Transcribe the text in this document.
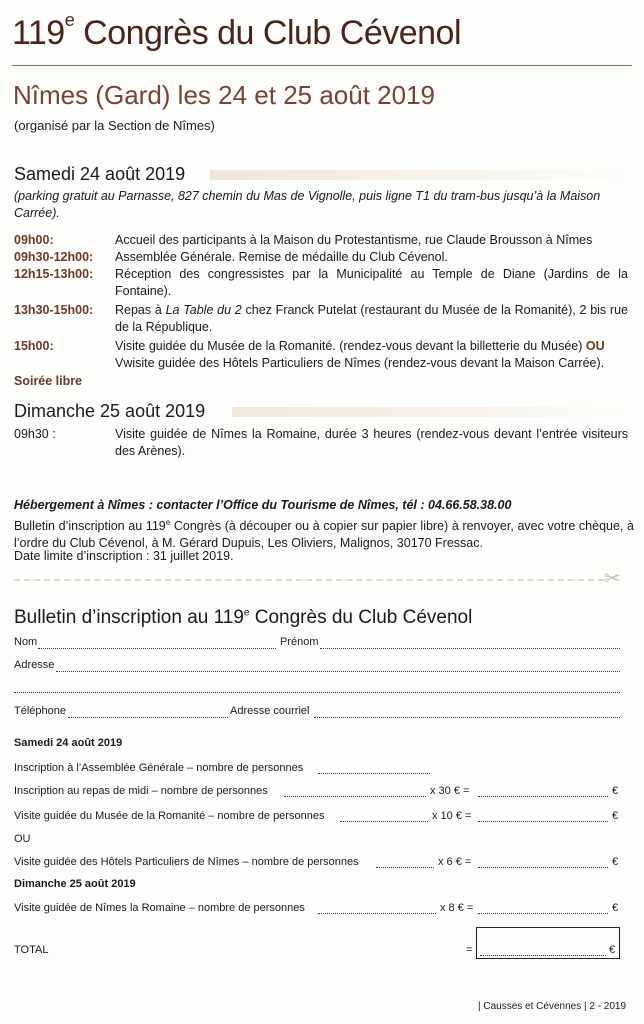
119e Congrès du Club Cévenol
Nîmes (Gard) les 24 et 25 août 2019
(organisé par la Section de Nîmes)
Samedi 24 août 2019
(parking gratuit au Parnasse, 827 chemin du Mas de Vignolle, puis ligne T1 du tram-bus jusqu’à la Maison Carrée).
09h00:	Accueil des participants à la Maison du Protestantisme, rue Claude Brousson à Nîmes
09h30-12h00: Assemblée Générale. Remise de médaille du Club Cévenol.
12h15-13h00: Réception des congressistes par la Municipalité au Temple de Diane (Jardins de la Fontaine).
13h30-15h00: Repas à La Table du 2 chez Franck Putelat (restaurant du Musée de la Romanité), 2 bis rue de la République.
15h00:	Visite guidée du Musée de la Romanité. (rendez-vous devant la billetterie du Musée) OU
Vwisite guidée des Hôtels Particuliers de Nîmes (rendez-vous devant la Maison Carrée).
Soirée libre
Dimanche 25 août 2019
09h30 :	Visite guidée de Nîmes la Romaine, durée 3 heures (rendez-vous devant l’entrée visiteurs des Arènes).
Hébergement à Nîmes : contacter l’Office du Tourisme de Nîmes, tél : 04.66.58.38.00
Bulletin d’inscription au 119e Congrès (à découper ou à copier sur papier libre) à renvoyer, avec votre chèque, à l’ordre du Club Cévenol, à M. Gérard Dupuis, Les Oliviers, Malignos, 30170 Fressac.
Date limite d’inscription : 31 juillet 2019.
✂
Bulletin d’inscription au 119e Congrès du Club Cévenol
Nom	Prénom
Adresse
Téléphone	Adresse courriel
Samedi 24 août 2019
Inscription à l’Assemblée Générale – nombre de personnes
Inscription au repas de midi – nombre de personnes	x 30 € =	€
Visite guidée du Musée de la Romanité – nombre de personnes	x 10 € =	€
OU
Visite guidée des Hôtels Particuliers de Nîmes – nombre de personnes	x 6 € =	€
Dimanche 25 août 2019
Visite guidée de Nîmes la Romaine – nombre de personnes	x 8 € =	€
TOTAL	=	€
| Causses et Cévennes | 2 - 2019
